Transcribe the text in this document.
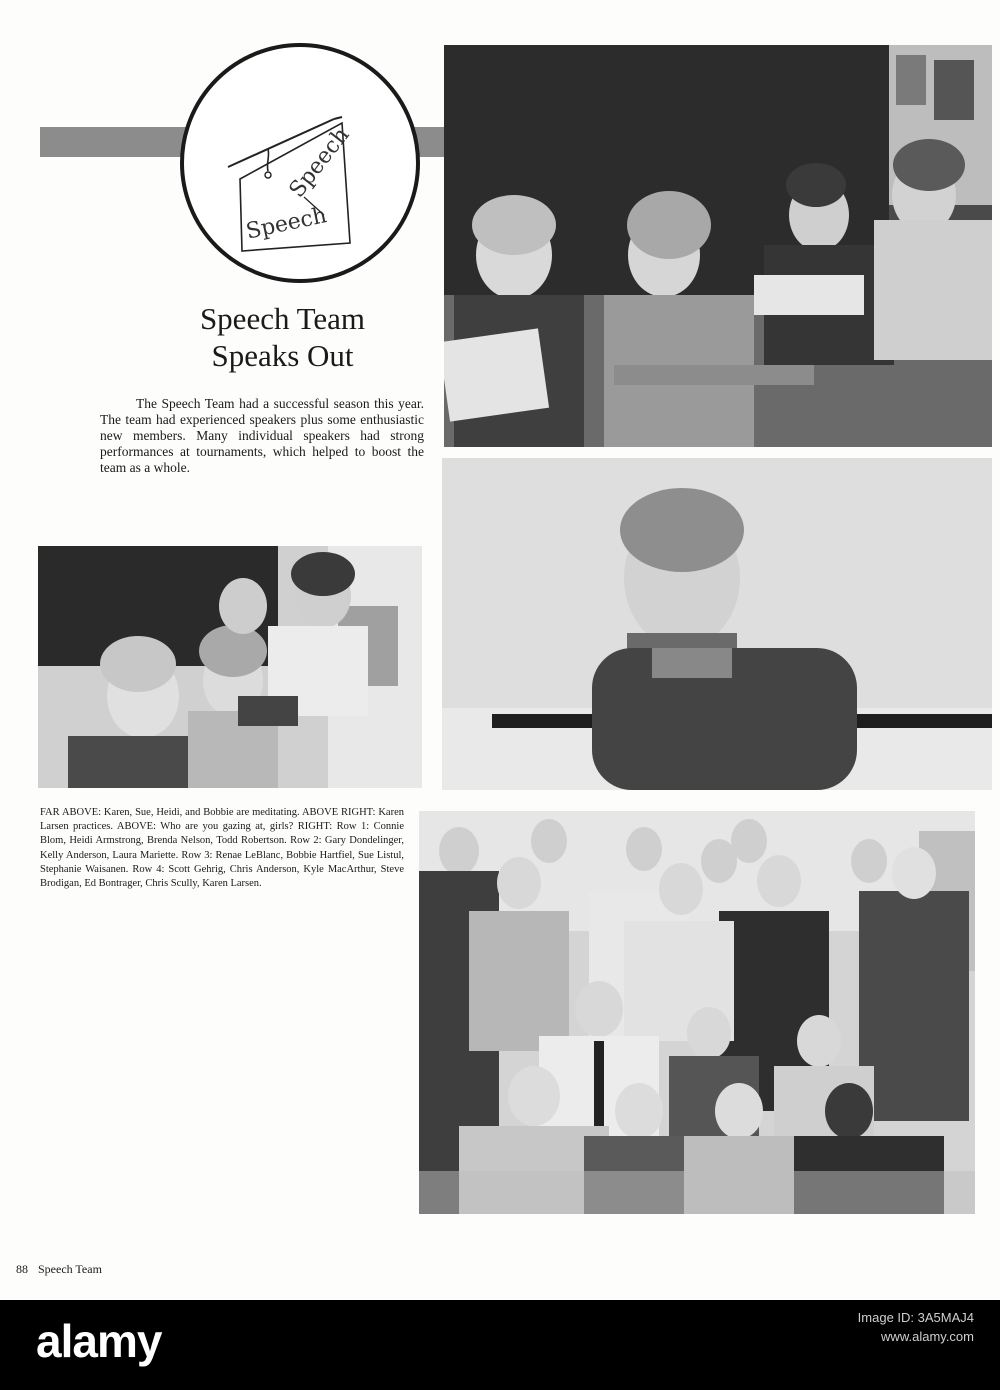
Speech
Speech
Speech Team
Speaks Out
The Speech Team had a successful season this year. The team had experienced speakers plus some enthusiastic new members. Many individual speakers had strong performances at tournaments, which helped to boost the team as a whole.
FAR ABOVE: Karen, Sue, Heidi, and Bobbie are meditating. ABOVE RIGHT: Karen Larsen practices. ABOVE: Who are you gazing at, girls? RIGHT: Row 1: Connie Blom, Heidi Armstrong, Brenda Nelson, Todd Robertson. Row 2: Gary Dondelinger, Kelly Anderson, Laura Mariette. Row 3: Renae LeBlanc, Bobbie Hartfiel, Sue Listul, Stephanie Waisanen. Row 4: Scott Gehrig, Chris Anderson, Kyle MacArthur, Steve Brodigan, Ed Bontrager, Chris Scully, Karen Larsen.
88 Speech Team
alamy	Image ID: 3A5MAJ4
www.alamy.com
